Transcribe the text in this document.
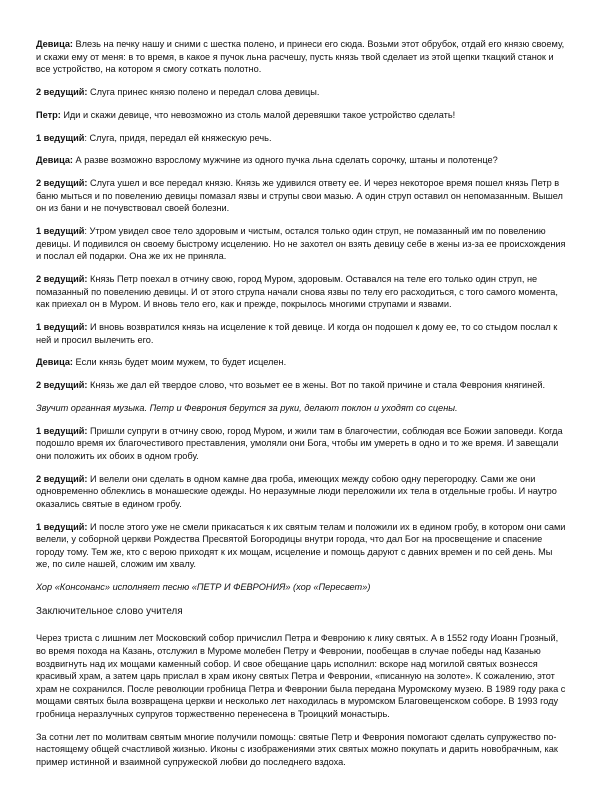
Девица: Влезь на печку нашу и сними с шестка полено, и принеси его сюда. Возьми этот обрубок, отдай его князю своему, и скажи ему от меня: в то время, в какое я пучок льна расчешу, пусть князь твой сделает из этой щепки ткацкий станок и все устройство, на котором я смогу соткать полотно.

2 ведущий: Слуга принес князю полено и передал слова девицы.

Петр: Иди и скажи девице, что невозможно из столь малой деревяшки такое устройство сделать!

1 ведущий: Слуга, придя, передал ей княжескую речь.

Девица: А разве возможно взрослому мужчине из одного пучка льна сделать сорочку, штаны и полотенце?

2 ведущий: Слуга ушел и все передал князю. Князь же удивился ответу ее. И через некоторое время пошел князь Петр в баню мыться и по повелению девицы помазал язвы и струпы свои мазью. А один струп оставил он непомазанным. Вышел он из бани и не почувствовал своей болезни.

1 ведущий: Утром увидел свое тело здоровым и чистым, остался только один струп, не помазанный им по повелению девицы. И подивился он своему быстрому исцелению. Но не захотел он взять девицу себе в жены из-за ее происхождения и послал ей подарки. Она же их не приняла.

2 ведущий: Князь Петр поехал в отчину свою, город Муром, здоровым. Оставался на теле его только один струп, не помазанный по повелению девицы. И от этого струпа начали снова язвы по телу его расходиться, с того самого момента, как приехал он в Муром. И вновь тело его, как и прежде, покрылось многими струпами и язвами.

1 ведущий: И вновь возвратился князь на исцеление к той девице. И когда он подошел к дому ее, то со стыдом послал к ней и просил вылечить его.

Девица: Если князь будет моим мужем, то будет исцелен.

2 ведущий: Князь же дал ей твердое слово, что возьмет ее в жены. Вот по такой причине и стала Феврония княгиней.

Звучит органная музыка. Петр и Феврония берутся за руки, делают поклон и уходят со сцены.

1 ведущий: Пришли супруги в отчину свою, город Муром, и жили там в благочестии, соблюдая все Божии заповеди. Когда подошло время их благочестивого преставления, умоляли они Бога, чтобы им умереть в одно и то же время. И завещали они положить их обоих в одном гробу.

2 ведущий: И велели они сделать в одном камне два гроба, имеющих между собою одну перегородку. Сами же они одновременно облеклись в монашеские одежды. Но неразумные люди переложили их тела в отдельные гробы. И наутро оказались святые в едином гробу.

1 ведущий: И после этого уже не смели прикасаться к их святым телам и положили их в едином гробу, в котором они сами велели, у соборной церкви Рождества Пресвятой Богородицы внутри города, что дал Бог на просвещение и спасение городу тому. Тем же, кто с верою приходят к их мощам, исцеление и помощь даруют с давних времен и по сей день. Мы же, по силе нашей, сложим им хвалу.

Хор «Консонанс» исполняет песню «ПЕТР И ФЕВРОНИЯ» (хор «Пересвет»)

Заключительное слово учителя

Через триста с лишним лет Московский собор причислил Петра и Февронию к лику святых. А в 1552 году Иоанн Грозный, во время похода на Казань, отслужил в Муроме молебен Петру и Февронии, пообещав в случае победы над Казанью воздвигнуть над их мощами каменный собор. И свое обещание царь исполнил: вскоре над могилой святых вознесся красивый храм, а затем царь прислал в храм икону святых Петра и Февронии, «писанную на золоте». К сожалению, этот храм не сохранился. После революции гробница Петра и Февронии была передана Муромскому музею. В 1989 году рака с мощами святых была возвращена церкви и несколько лет находилась в муромском Благовещенском соборе. В 1993 году гробница неразлучных супругов торжественно перенесена в Троицкий монастырь.

За сотни лет по молитвам святым многие получили помощь: святые Петр и Феврония помогают сделать супружество по-настоящему общей счастливой жизнью. Иконы с изображениями этих святых можно покупать и дарить новобрачным, как пример истинной и взаимной супружеской любви до последнего вздоха.
